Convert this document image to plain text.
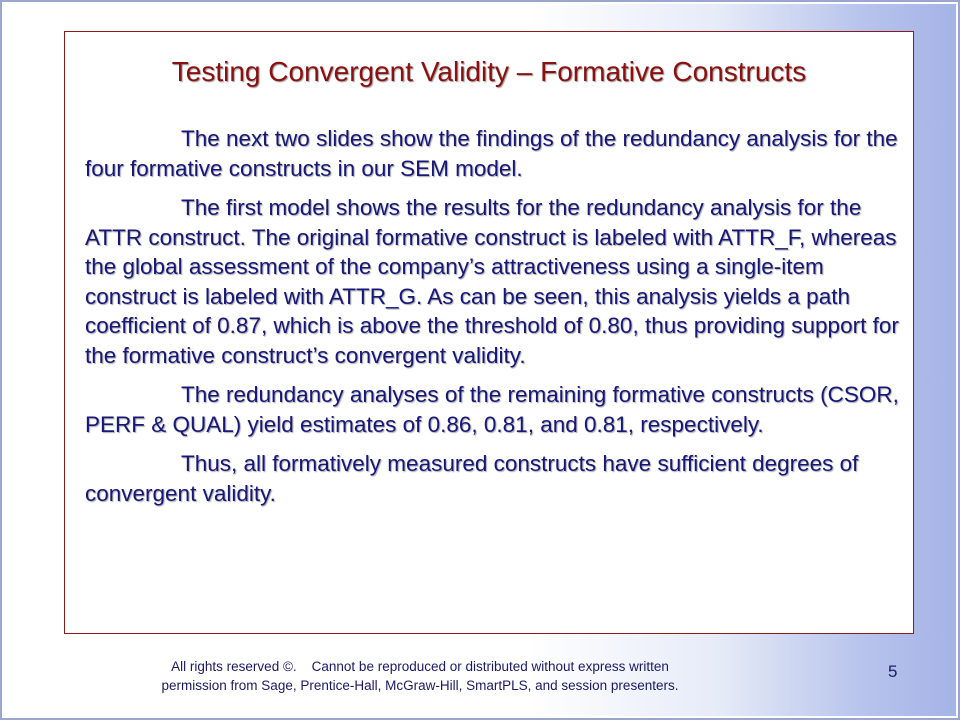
Testing Convergent Validity – Formative Constructs

The next two slides show the findings of the redundancy analysis for the four formative constructs in our SEM model.

The first model shows the results for the redundancy analysis for the ATTR construct. The original formative construct is labeled with ATTR_F, whereas the global assessment of the company’s attractiveness using a single-item construct is labeled with ATTR_G. As can be seen, this analysis yields a path coefficient of 0.87, which is above the threshold of 0.80, thus providing support for the formative construct’s convergent validity.

The redundancy analyses of the remaining formative constructs (CSOR, PERF & QUAL) yield estimates of 0.86, 0.81, and 0.81, respectively.

Thus, all formatively measured constructs have sufficient degrees of convergent validity.

All rights reserved ©.    Cannot be reproduced or distributed without express written
permission from Sage, Prentice-Hall, McGraw-Hill, SmartPLS, and session presenters.
5
